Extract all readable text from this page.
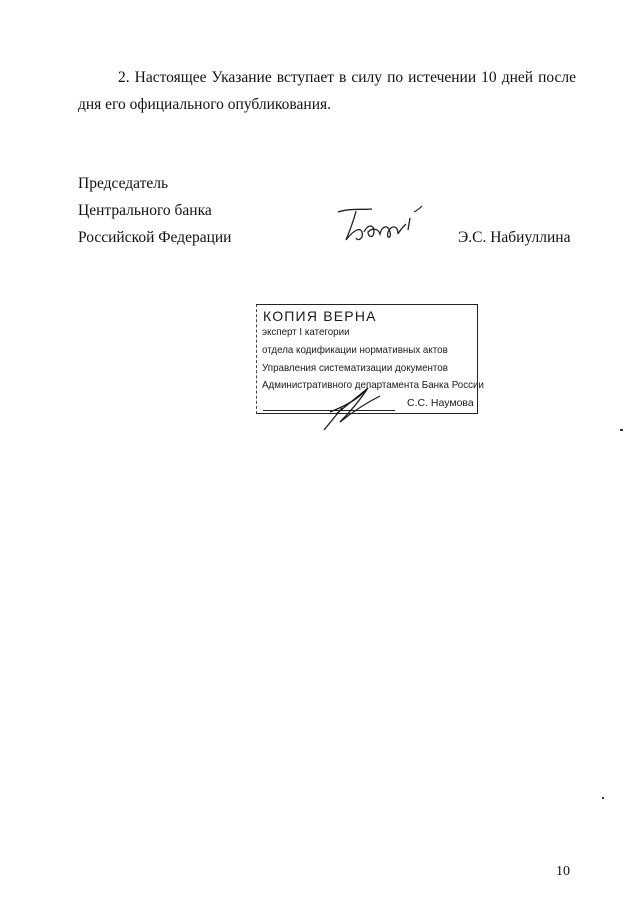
2. Настоящее Указание вступает в силу по истечении 10 дней после дня его официального опубликования.

Председатель
Центрального банка
Российской Федерации	Э.С. Набиуллина
КОПИЯ ВЕРНА
эксперт I категории
отдела кодификации нормативных актов
Управления систематизации документов
Административного департамента Банка России
С.С. Наумова
10
